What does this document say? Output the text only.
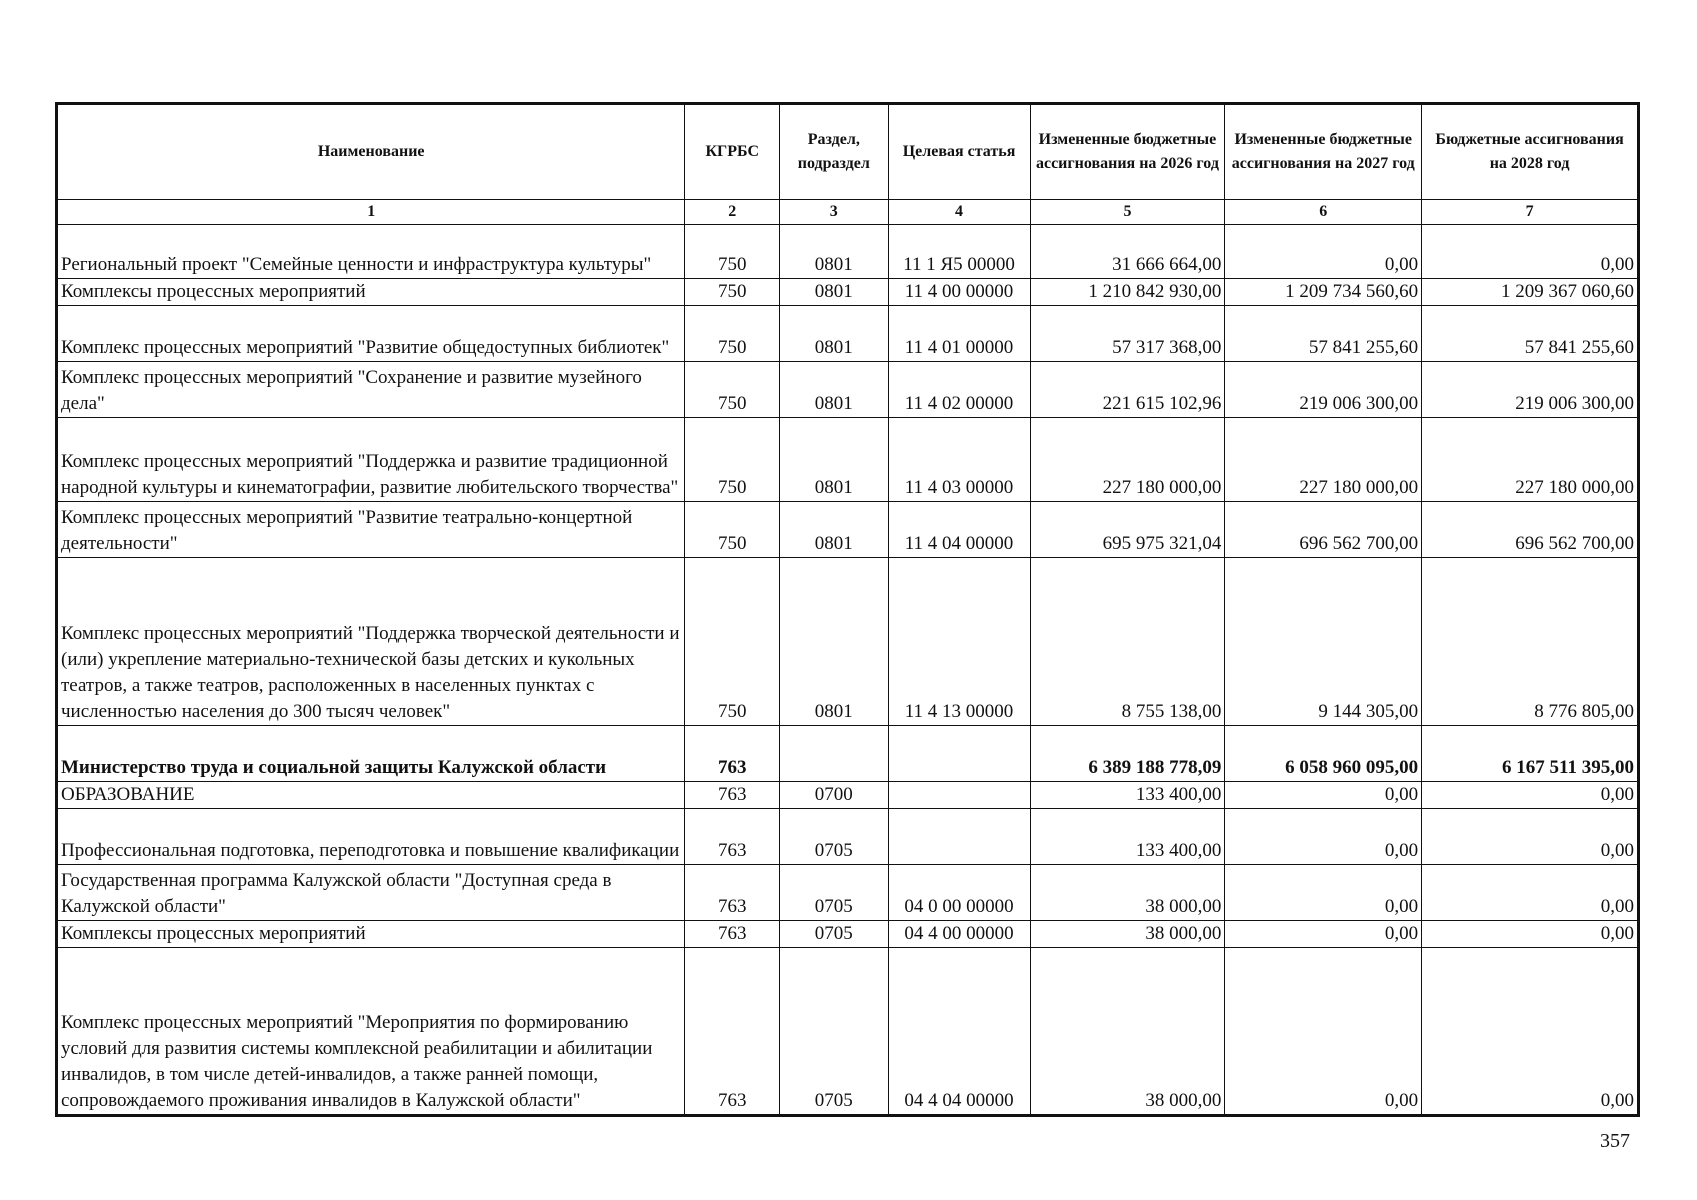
Наименование	КГРБС	Раздел, подраздел	Целевая статья	Измененные бюджетные ассигнования на 2026 год	Измененные бюджетные ассигнования на 2027 год	Бюджетные ассигнования на 2028 год
1	2	3	4	5	6	7
Региональный проект "Семейные ценности и инфраструктура культуры"	750	0801	11 1 Я5 00000	31 666 664,00	0,00	0,00
Комплексы процессных мероприятий	750	0801	11 4 00 00000	1 210 842 930,00	1 209 734 560,60	1 209 367 060,60
Комплекс процессных мероприятий "Развитие общедоступных библиотек"	750	0801	11 4 01 00000	57 317 368,00	57 841 255,60	57 841 255,60
Комплекс процессных мероприятий "Сохранение и развитие музейного дела"	750	0801	11 4 02 00000	221 615 102,96	219 006 300,00	219 006 300,00
Комплекс процессных мероприятий "Поддержка и развитие традиционной народной культуры и кинематографии, развитие любительского творчества"	750	0801	11 4 03 00000	227 180 000,00	227 180 000,00	227 180 000,00
Комплекс процессных мероприятий "Развитие театрально-концертной деятельности"	750	0801	11 4 04 00000	695 975 321,04	696 562 700,00	696 562 700,00
Комплекс процессных мероприятий "Поддержка творческой деятельности и (или) укрепление материально-технической базы детских и кукольных театров, а также театров, расположенных в населенных пунктах с численностью населения до 300 тысяч человек"	750	0801	11 4 13 00000	8 755 138,00	9 144 305,00	8 776 805,00
Министерство труда и социальной защиты Калужской области	763			6 389 188 778,09	6 058 960 095,00	6 167 511 395,00
ОБРАЗОВАНИЕ	763	0700		133 400,00	0,00	0,00
Профессиональная подготовка, переподготовка и повышение квалификации	763	0705		133 400,00	0,00	0,00
Государственная программа Калужской области "Доступная среда в Калужской области"	763	0705	04 0 00 00000	38 000,00	0,00	0,00
Комплексы процессных мероприятий	763	0705	04 4 00 00000	38 000,00	0,00	0,00
Комплекс процессных мероприятий "Мероприятия по формированию условий для развития системы комплексной реабилитации и абилитации инвалидов, в том числе детей-инвалидов, а также ранней помощи, сопровождаемого проживания инвалидов в Калужской области"	763	0705	04 4 04 00000	38 000,00	0,00	0,00
357
